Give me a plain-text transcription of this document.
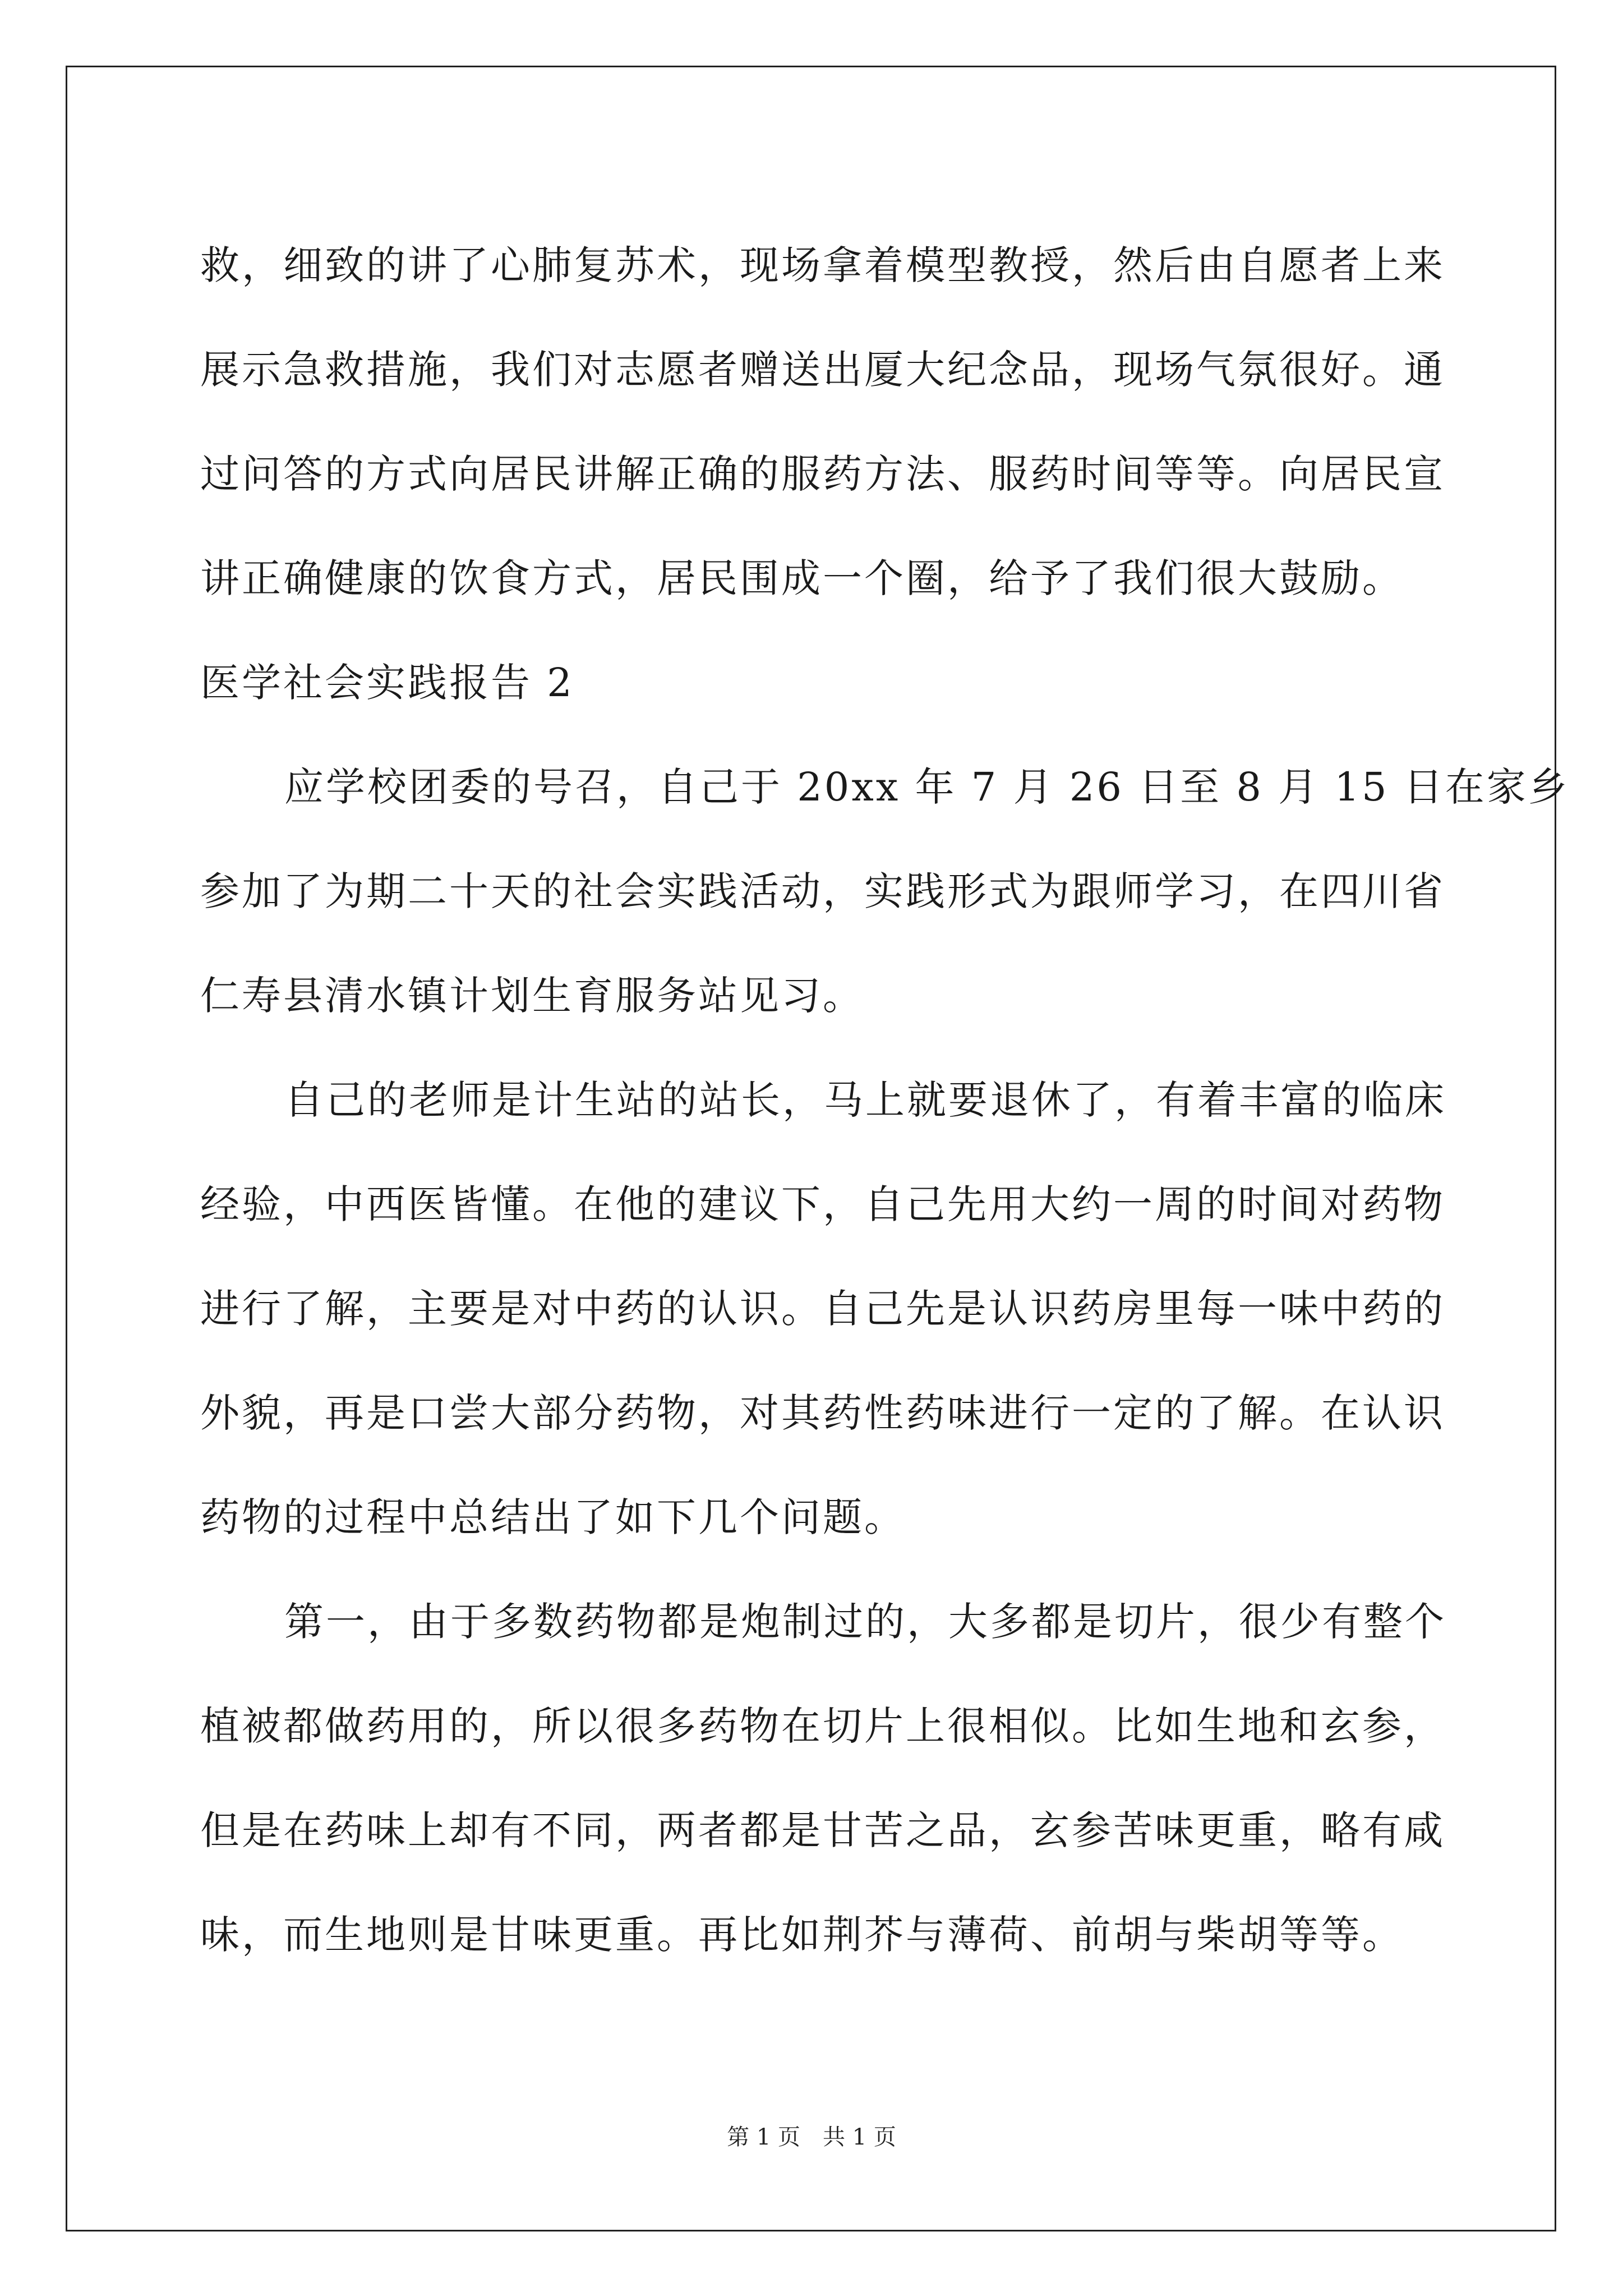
救，细致的讲了心肺复苏术，现场拿着模型教授，然后由自愿者上来
展示急救措施，我们对志愿者赠送出厦大纪念品，现场气氛很好。通
过问答的方式向居民讲解正确的服药方法、服药时间等等。向居民宣
讲正确健康的饮食方式，居民围成一个圈，给予了我们很大鼓励。
医学社会实践报告 2
应学校团委的号召，自己于 20xx 年 7 月 26 日至 8 月 15 日在家乡
参加了为期二十天的社会实践活动，实践形式为跟师学习，在四川省
仁寿县清水镇计划生育服务站见习。
自己的老师是计生站的站长，马上就要退休了，有着丰富的临床
经验，中西医皆懂。在他的建议下，自己先用大约一周的时间对药物
进行了解，主要是对中药的认识。自己先是认识药房里每一味中药的
外貌，再是口尝大部分药物，对其药性药味进行一定的了解。在认识
药物的过程中总结出了如下几个问题。
第一，由于多数药物都是炮制过的，大多都是切片，很少有整个
植被都做药用的，所以很多药物在切片上很相似。比如生地和玄参，
但是在药味上却有不同，两者都是甘苦之品，玄参苦味更重，略有咸
味，而生地则是甘味更重。再比如荆芥与薄荷、前胡与柴胡等等。
第 1 页 共 1 页
